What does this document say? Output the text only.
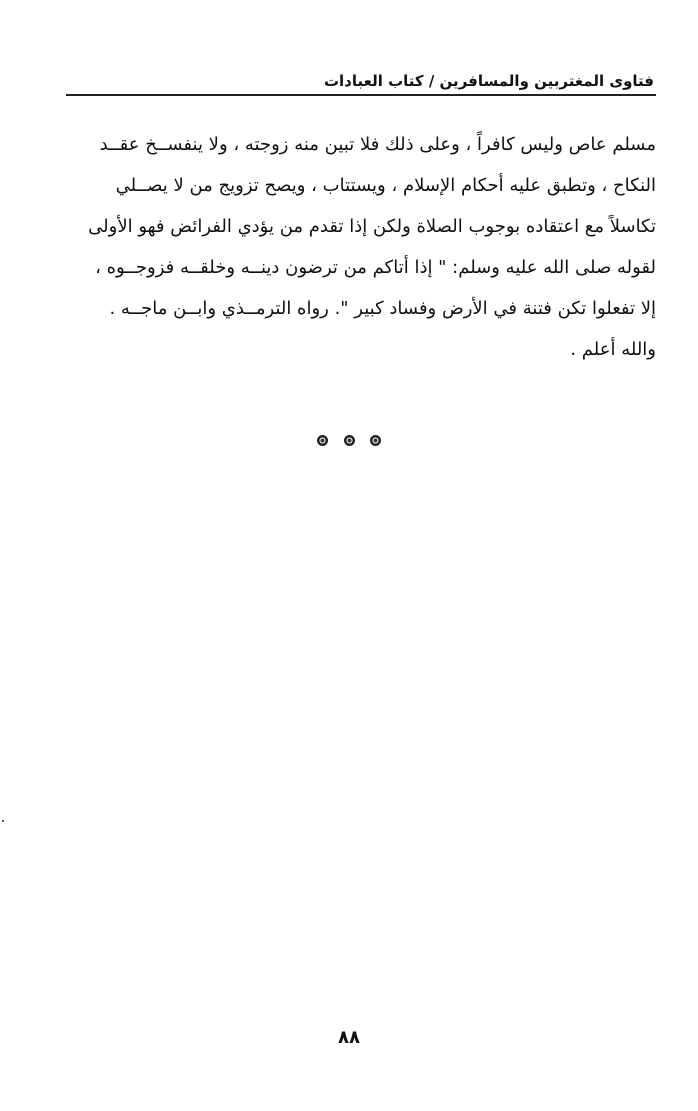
فتاوى المغتربين والمسافرين / كتاب العبادات
مسلم عاص وليس كافراً ، وعلى ذلك فلا تبين منه زوجته ، ولا ينفســخ عقــد
النكاح ، وتطبق عليه أحكام الإسلام ، ويستتاب ، ويصح تزويج من لا يصــلي
تكاسلاً مع اعتقاده بوجوب الصلاة ولكن إذا تقدم من يؤدي الفرائض فهو الأولى
لقوله صلى الله عليه وسلم: " إذا أتاكم من ترضون دينــه وخلقــه فزوجــوه ،
إلا تفعلوا تكن فتنة في الأرض وفساد كبير ". رواه الترمــذي وابــن ماجــه .
والله أعلم .

٨٨
